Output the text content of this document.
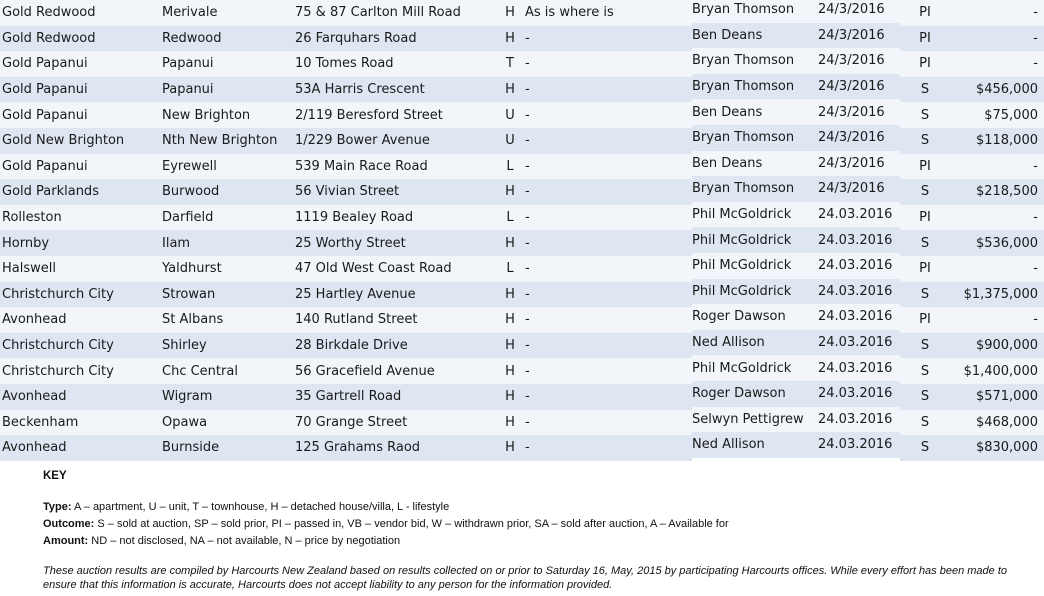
Gold Redwood	Merivale	75 & 87 Carlton Mill Road	H	As is where is	Bryan Thomson	24/3/2016	PI	-
Gold Redwood	Redwood	26 Farquhars Road	H	-	Ben Deans	24/3/2016	PI	-
Gold Papanui	Papanui	10 Tomes Road	T	-	Bryan Thomson	24/3/2016	PI	-
Gold Papanui	Papanui	53A Harris Crescent	H	-	Bryan Thomson	24/3/2016	S	$456,000
Gold Papanui	New Brighton	2/119 Beresford Street	U	-	Ben Deans	24/3/2016	S	$75,000
Gold New Brighton	Nth New Brighton	1/229 Bower Avenue	U	-	Bryan Thomson	24/3/2016	S	$118,000
Gold Papanui	Eyrewell	539 Main Race Road	L	-	Ben Deans	24/3/2016	PI	-
Gold Parklands	Burwood	56 Vivian Street	H	-	Bryan Thomson	24/3/2016	S	$218,500
Rolleston	Darfield	1119 Bealey Road	L	-	Phil McGoldrick	24.03.2016	PI	-
Hornby	Ilam	25 Worthy Street	H	-	Phil McGoldrick	24.03.2016	S	$536,000
Halswell	Yaldhurst	47 Old West Coast Road	L	-	Phil McGoldrick	24.03.2016	PI	-
Christchurch City	Strowan	25 Hartley Avenue	H	-	Phil McGoldrick	24.03.2016	S	$1,375,000
Avonhead	St Albans	140 Rutland Street	H	-	Roger Dawson	24.03.2016	PI	-
Christchurch City	Shirley	28 Birkdale Drive	H	-	Ned Allison	24.03.2016	S	$900,000
Christchurch City	Chc Central	56 Gracefield Avenue	H	-	Phil McGoldrick	24.03.2016	S	$1,400,000
Avonhead	Wigram	35 Gartrell Road	H	-	Roger Dawson	24.03.2016	S	$571,000
Beckenham	Opawa	70 Grange Street	H	-	Selwyn Pettigrew	24.03.2016	S	$468,000
Avonhead	Burnside	125 Grahams Raod	H	-	Ned Allison	24.03.2016	S	$830,000
KEY
Type: A – apartment, U – unit, T – townhouse, H – detached house/villa, L - lifestyle
Outcome: S – sold at auction, SP – sold prior, PI – passed in, VB – vendor bid, W – withdrawn prior, SA – sold after auction, A – Available for
Amount: ND – not disclosed, NA – not available, N – price by negotiation
These auction results are compiled by Harcourts New Zealand based on results collected on or prior to Saturday 16, May, 2015 by participating Harcourts offices. While every effort has been made to ensure that this information is accurate, Harcourts does not accept liability to any person for the information provided.
